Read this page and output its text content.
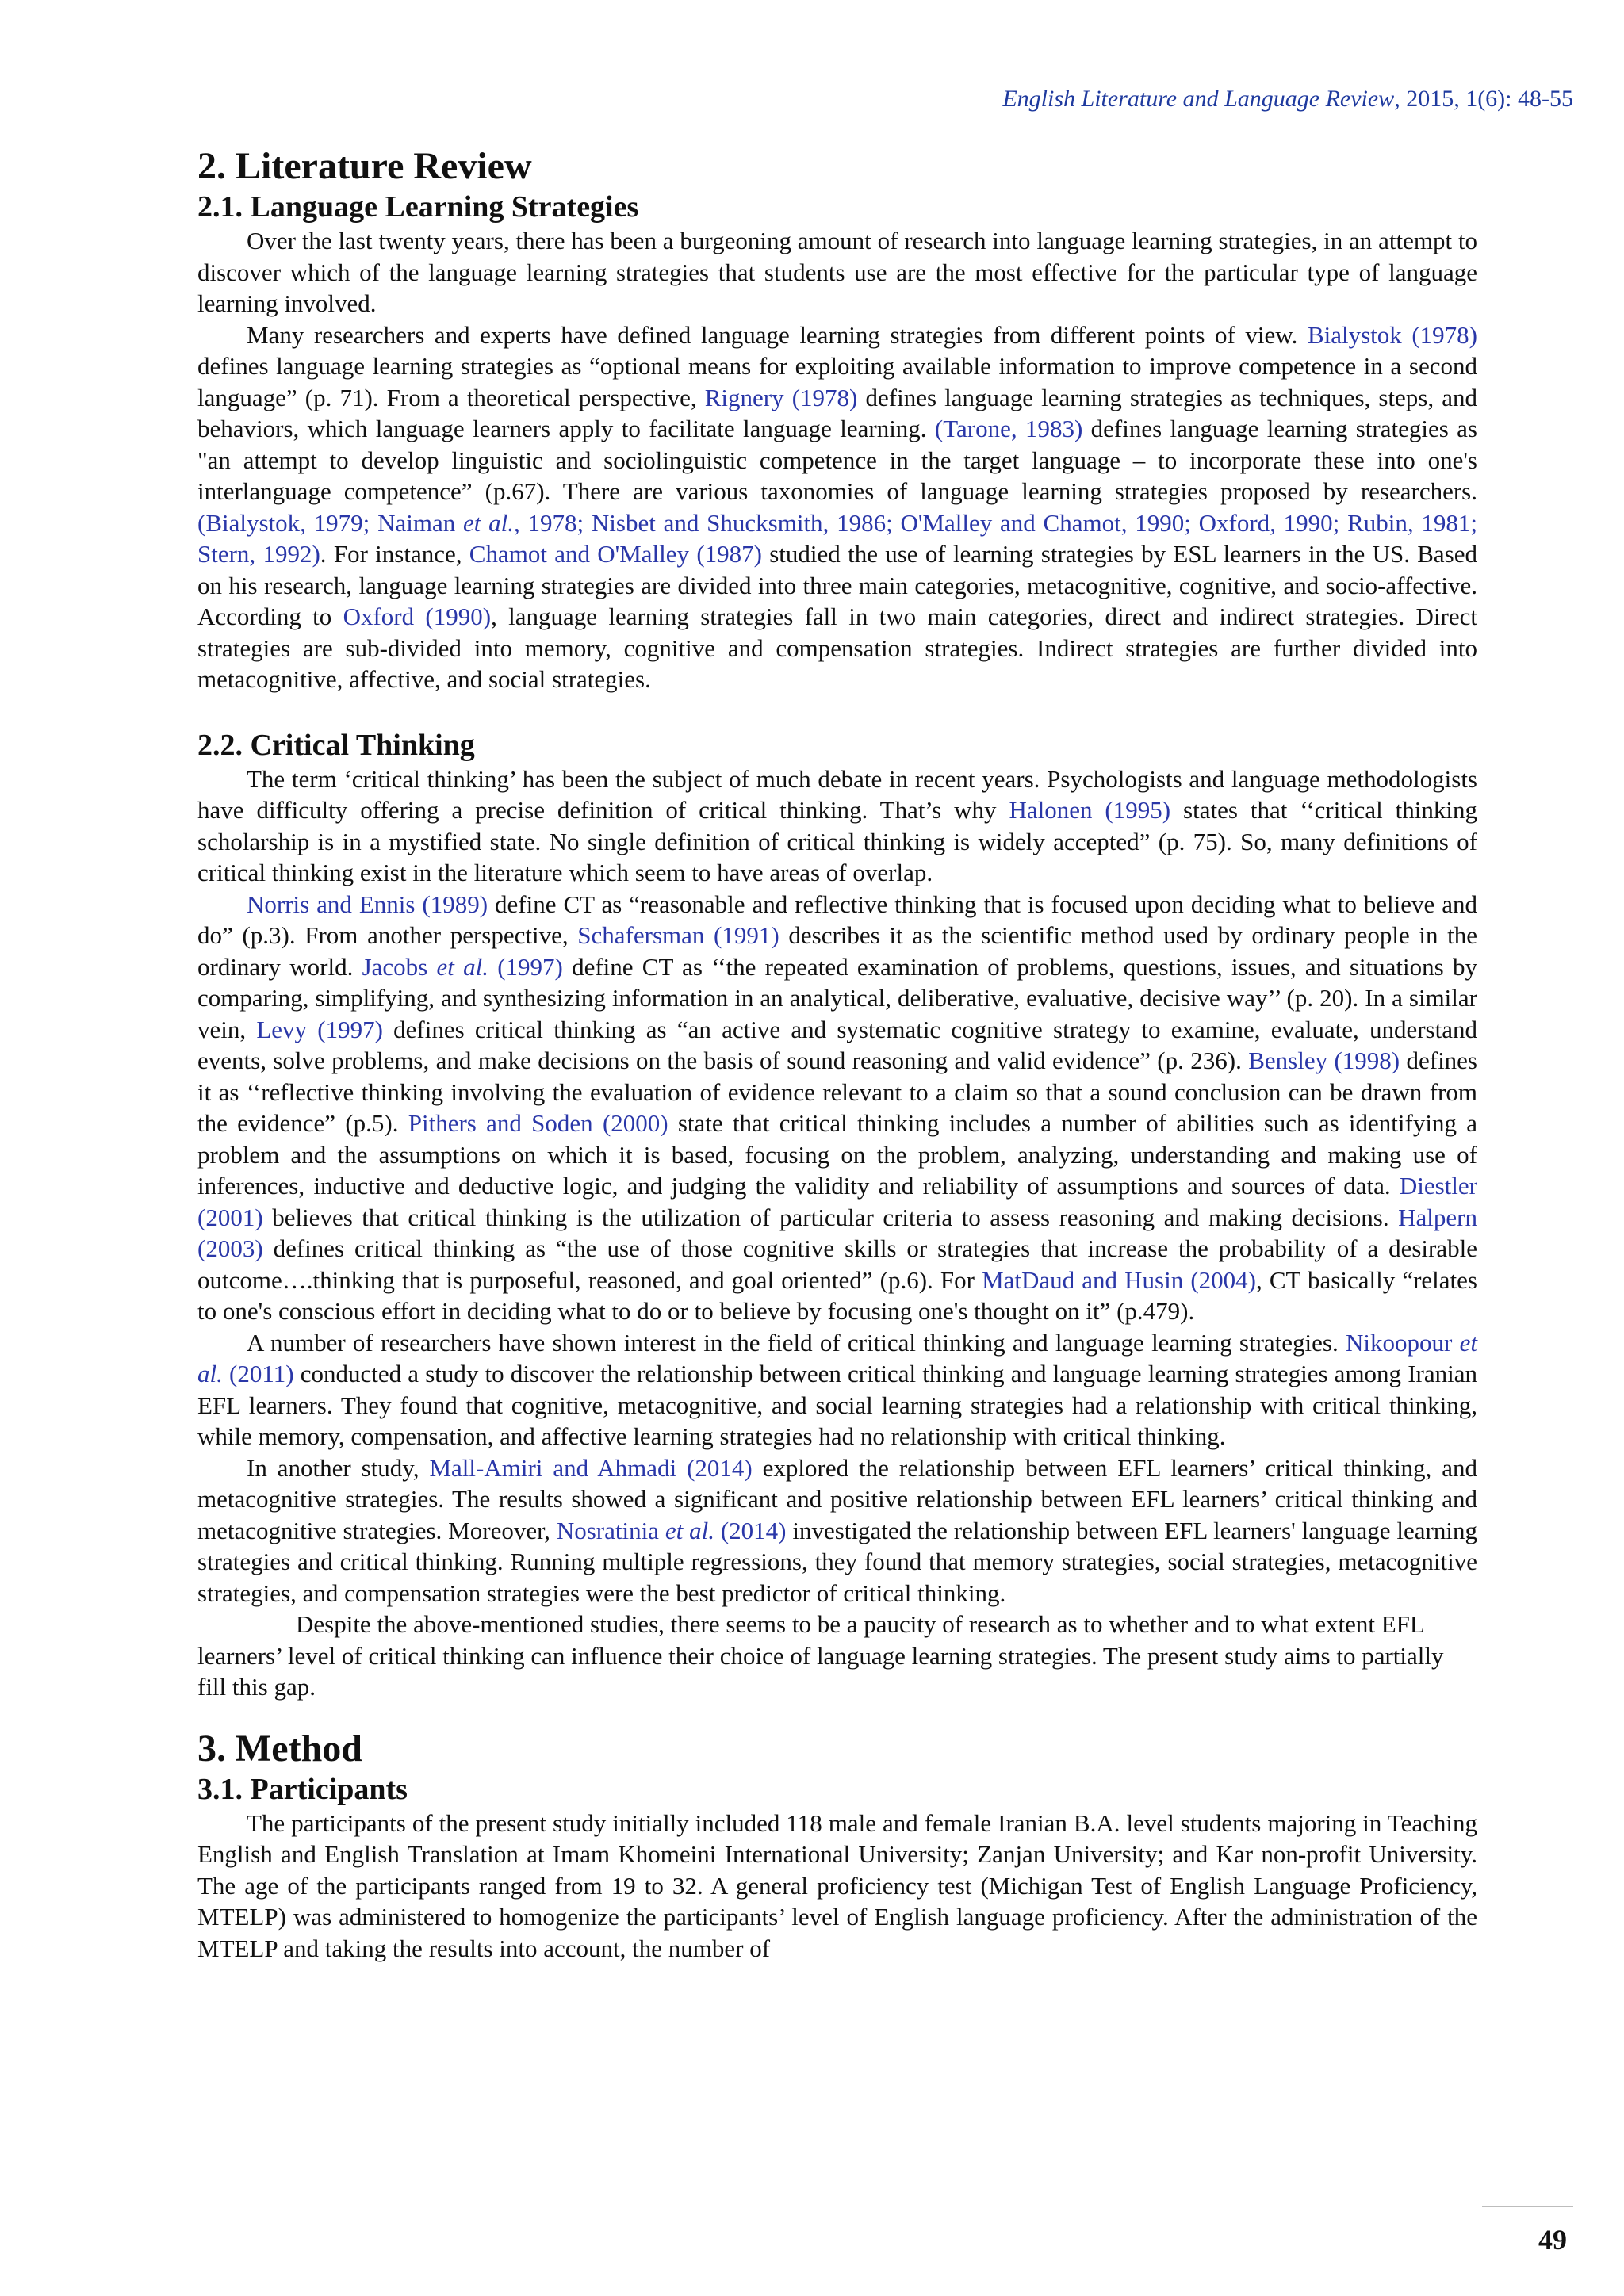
English Literature and Language Review, 2015, 1(6): 48-55
2. Literature Review
2.1. Language Learning Strategies

Over the last twenty years, there has been a burgeoning amount of research into language learning strategies, in an attempt to discover which of the language learning strategies that students use are the most effective for the particular type of language learning involved.

Many researchers and experts have defined language learning strategies from different points of view. Bialystok (1978) defines language learning strategies as “optional means for exploiting available information to improve competence in a second language” (p. 71). From a theoretical perspective, Rignery (1978) defines language learning strategies as techniques, steps, and behaviors, which language learners apply to facilitate language learning. (Tarone, 1983) defines language learning strategies as "an attempt to develop linguistic and sociolinguistic competence in the target language – to incorporate these into one's interlanguage competence” (p.67). There are various taxonomies of language learning strategies proposed by researchers. (Bialystok, 1979; Naiman et al., 1978; Nisbet and Shucksmith, 1986; O'Malley and Chamot, 1990; Oxford, 1990; Rubin, 1981; Stern, 1992). For instance, Chamot and O'Malley (1987) studied the use of learning strategies by ESL learners in the US. Based on his research, language learning strategies are divided into three main categories, metacognitive, cognitive, and socio-affective. According to Oxford (1990), language learning strategies fall in two main categories, direct and indirect strategies. Direct strategies are sub-divided into memory, cognitive and compensation strategies. Indirect strategies are further divided into metacognitive, affective, and social strategies.

2.2. Critical Thinking

The term ‘critical thinking’ has been the subject of much debate in recent years. Psychologists and language methodologists have difficulty offering a precise definition of critical thinking. That’s why Halonen (1995) states that ‘‘critical thinking scholarship is in a mystified state. No single definition of critical thinking is widely accepted” (p. 75). So, many definitions of critical thinking exist in the literature which seem to have areas of overlap.

Norris and Ennis (1989) define CT as “reasonable and reflective thinking that is focused upon deciding what to believe and do” (p.3). From another perspective, Schafersman (1991) describes it as the scientific method used by ordinary people in the ordinary world. Jacobs et al. (1997) define CT as ‘‘the repeated examination of problems, questions, issues, and situations by comparing, simplifying, and synthesizing information in an analytical, deliberative, evaluative, decisive way’’ (p. 20). In a similar vein, Levy (1997) defines critical thinking as “an active and systematic cognitive strategy to examine, evaluate, understand events, solve problems, and make decisions on the basis of sound reasoning and valid evidence” (p. 236). Bensley (1998) defines it as ‘‘reflective thinking involving the evaluation of evidence relevant to a claim so that a sound conclusion can be drawn from the evidence” (p.5). Pithers and Soden (2000) state that critical thinking includes a number of abilities such as identifying a problem and the assumptions on which it is based, focusing on the problem, analyzing, understanding and making use of inferences, inductive and deductive logic, and judging the validity and reliability of assumptions and sources of data. Diestler (2001) believes that critical thinking is the utilization of particular criteria to assess reasoning and making decisions. Halpern (2003) defines critical thinking as “the use of those cognitive skills or strategies that increase the probability of a desirable outcome….thinking that is purposeful, reasoned, and goal oriented” (p.6). For MatDaud and Husin (2004), CT basically “relates to one's conscious effort in deciding what to do or to believe by focusing one's thought on it” (p.479).

A number of researchers have shown interest in the field of critical thinking and language learning strategies. Nikoopour et al. (2011) conducted a study to discover the relationship between critical thinking and language learning strategies among Iranian EFL learners. They found that cognitive, metacognitive, and social learning strategies had a relationship with critical thinking, while memory, compensation, and affective learning strategies had no relationship with critical thinking.

In another study, Mall-Amiri and Ahmadi (2014) explored the relationship between EFL learners’ critical thinking, and metacognitive strategies. The results showed a significant and positive relationship between EFL learners’ critical thinking and metacognitive strategies. Moreover, Nosratinia et al. (2014) investigated the relationship between EFL learners' language learning strategies and critical thinking. Running multiple regressions, they found that memory strategies, social strategies, metacognitive strategies, and compensation strategies were the best predictor of critical thinking.

Despite the above-mentioned studies, there seems to be a paucity of research as to whether and to what extent EFL learners’ level of critical thinking can influence their choice of language learning strategies. The present study aims to partially fill this gap.

3. Method
3.1. Participants

The participants of the present study initially included 118 male and female Iranian B.A. level students majoring in Teaching English and English Translation at Imam Khomeini International University; Zanjan University; and Kar non-profit University. The age of the participants ranged from 19 to 32. A general proficiency test (Michigan Test of English Language Proficiency, MTELP) was administered to homogenize the participants’ level of English language proficiency. After the administration of the MTELP and taking the results into account, the number of

49
